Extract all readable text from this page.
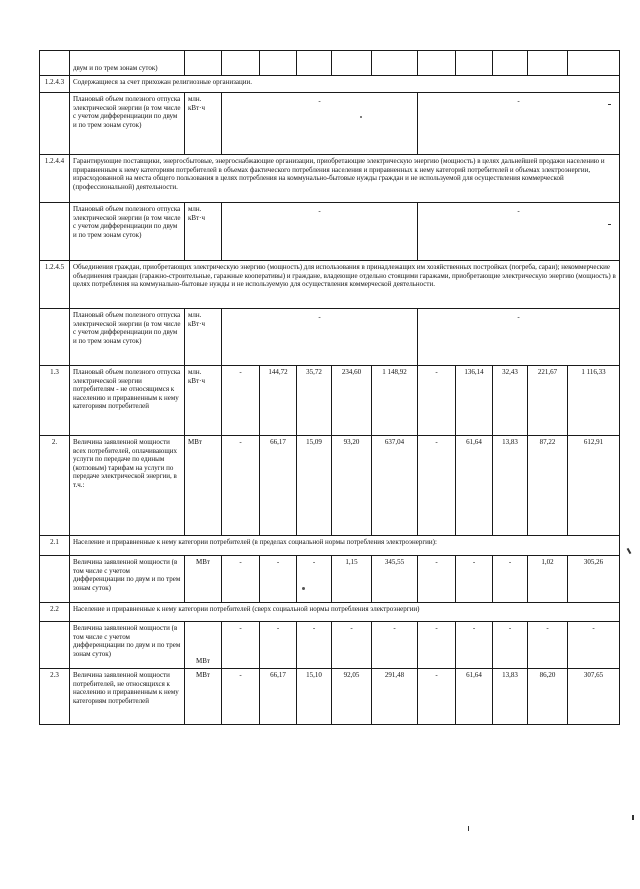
	двум и по трем зонам суток)											
1.2.4.3	Содержащиеся за счет прихожан религиозные организации.											
	Плановый объем полезного отпуска электрической энергии (в том числе с учетом дифференциации по двум и по трем зонам суток)	млн. кВт·ч	-					-				
1.2.4.4	Гарантирующие поставщики, энергосбытовые, энергоснабжающие организации, приобретающие электрическую энергию (мощность) в целях дальнейшей продажи населению и приравненным к нему категориям потребителей в объемах фактического потребления населения и приравненных к нему категорий потребителей и объемах электроэнергии, израсходованной на места общего пользования в целях потребления на коммунально-бытовые нужды граждан и не используемой для осуществления коммерческой (профессиональной) деятельности.											
	Плановый объем полезного отпуска электрической энергии (в том числе с учетом дифференциации по двум и по трем зонам суток)	млн. кВт·ч	-					-				
1.2.4.5	Объединения граждан, приобретающих электрическую энергию (мощность) для использования в принадлежащих им хозяйственных постройках (погреба, сараи); некоммерческие объединения граждан (гаражно-строительные, гаражные кооперативы) и граждане, владеющие отдельно стоящими гаражами, приобретающие электрическую энергию (мощность) в целях потребления на коммунально-бытовые нужды и не используемую для осуществления коммерческой деятельности.											
	Плановый объем полезного отпуска электрической энергии (в том числе с учетом дифференциации по двум и по трем зонам суток)	млн. кВт·ч	-					-				
1.3	Плановый объем полезного отпуска электрической энергии потребителям - не относящимся к населению и приравненным к нему категориям потребителей	млн. кВт·ч	-	144,72	35,72	234,60	1 148,92	-	136,14	32,43	221,67	1 116,33
2.	Величина заявленной мощности всех потребителей, оплачивающих услуги по передаче по единым (котловым) тарифам на услуги по передаче электрической энергии, в т.ч.:	МВт	-	66,17	15,09	93,20	637,04	-	61,64	13,83	87,22	612,91
2.1	Население и приравненные к нему категории потребителей (в пределах социальной нормы потребления электроэнергии):											
	Величина заявленной мощности (в том числе с учетом дифференциации по двум и по трем зонам суток)	МВт	-	-	-	1,15	345,55	-	-	-	1,02	305,26
2.2	Население и приравненные к нему категории потребителей (сверх социальной нормы потребления электроэнергии)											
	Величина заявленной мощности (в том числе с учетом дифференциации по двум и по трем зонам суток)	МВт	-	-	-	-	-	-	-	-	-	-
2.3	Величина заявленной мощности потребителей, не относящихся к населению и приравненным к нему категориям потребителей	МВт	-	66,17	15,10	92,05	291,48	-	61,64	13,83	86,20	307,65
